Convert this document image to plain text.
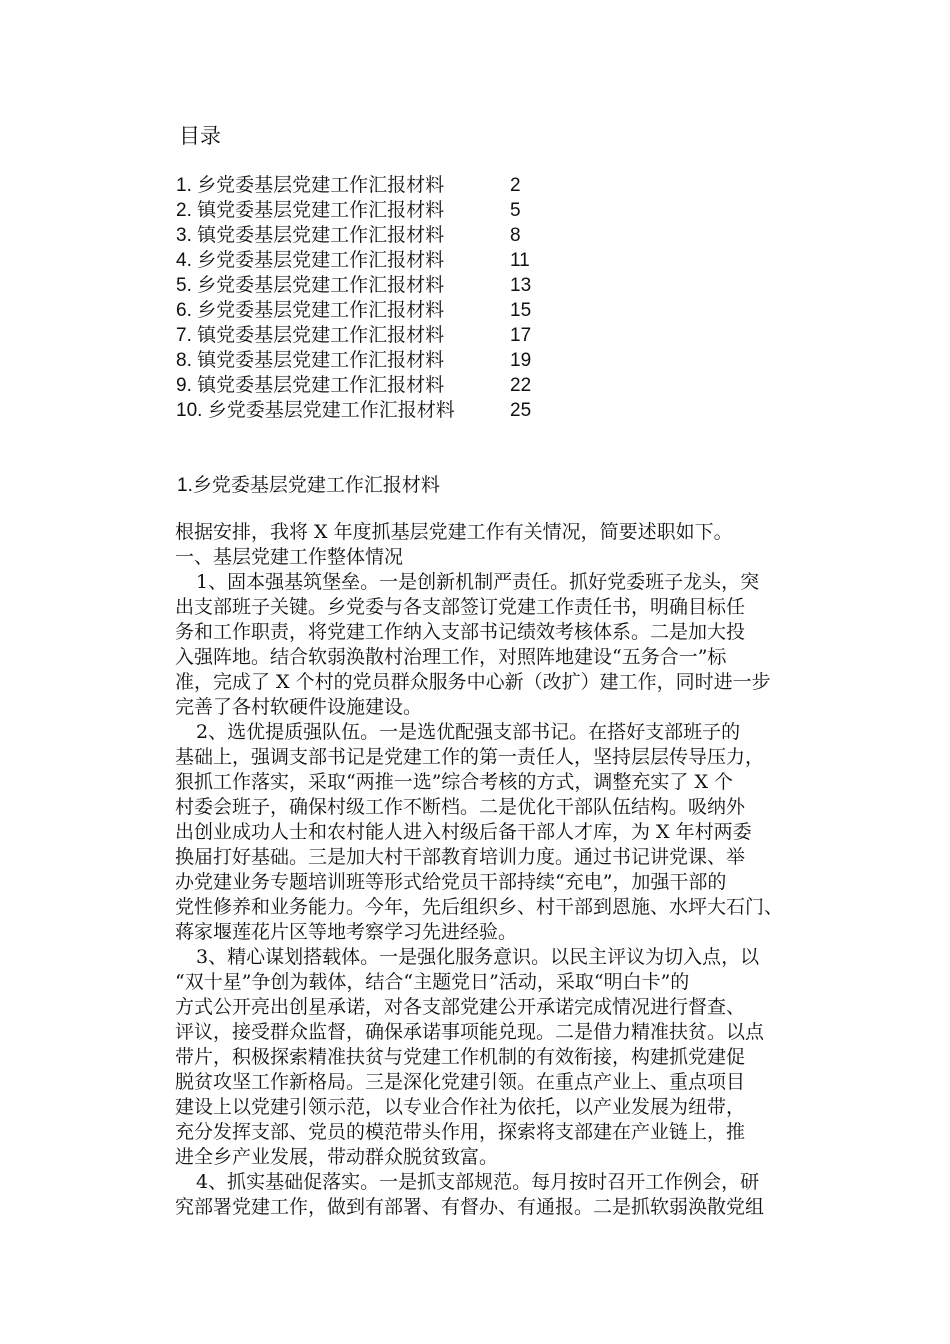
目录
1. 乡党委基层党建工作汇报材料	2
2. 镇党委基层党建工作汇报材料	5
3. 镇党委基层党建工作汇报材料	8
4. 乡党委基层党建工作汇报材料	11
5. 乡党委基层党建工作汇报材料	13
6. 乡党委基层党建工作汇报材料	15
7. 镇党委基层党建工作汇报材料	17
8. 镇党委基层党建工作汇报材料	19
9. 镇党委基层党建工作汇报材料	22
10. 乡党委基层党建工作汇报材料	25
1.乡党委基层党建工作汇报材料
根据安排，我将 X 年度抓基层党建工作有关情况，简要述职如下。
一、基层党建工作整体情况
　1、固本强基筑堡垒。一是创新机制严责任。抓好党委班子龙头，突
出支部班子关键。乡党委与各支部签订党建工作责任书，明确目标任
务和工作职责，将党建工作纳入支部书记绩效考核体系。二是加大投
入强阵地。结合软弱涣散村治理工作，对照阵地建设“五务合一”标
准，完成了 X 个村的党员群众服务中心新（改扩）建工作，同时进一步
完善了各村软硬件设施建设。
　2、选优提质强队伍。一是选优配强支部书记。在搭好支部班子的
基础上，强调支部书记是党建工作的第一责任人，坚持层层传导压力，
狠抓工作落实，采取“两推一选”综合考核的方式，调整充实了 X 个
村委会班子，确保村级工作不断档。二是优化干部队伍结构。吸纳外
出创业成功人士和农村能人进入村级后备干部人才库，为 X 年村两委
换届打好基础。三是加大村干部教育培训力度。通过书记讲党课、举
办党建业务专题培训班等形式给党员干部持续“充电”，加强干部的
党性修养和业务能力。今年，先后组织乡、村干部到恩施、水坪大石门、
蒋家堰莲花片区等地考察学习先进经验。
　3、精心谋划搭载体。一是强化服务意识。以民主评议为切入点，以
“双十星”争创为载体，结合“主题党日”活动，采取“明白卡”的
方式公开亮出创星承诺，对各支部党建公开承诺完成情况进行督查、
评议，接受群众监督，确保承诺事项能兑现。二是借力精准扶贫。以点
带片，积极探索精准扶贫与党建工作机制的有效衔接，构建抓党建促
脱贫攻坚工作新格局。三是深化党建引领。在重点产业上、重点项目
建设上以党建引领示范，以专业合作社为依托，以产业发展为纽带，
充分发挥支部、党员的模范带头作用，探索将支部建在产业链上，推
进全乡产业发展，带动群众脱贫致富。
　4、抓实基础促落实。一是抓支部规范。每月按时召开工作例会，研
究部署党建工作，做到有部署、有督办、有通报。二是抓软弱涣散党组
